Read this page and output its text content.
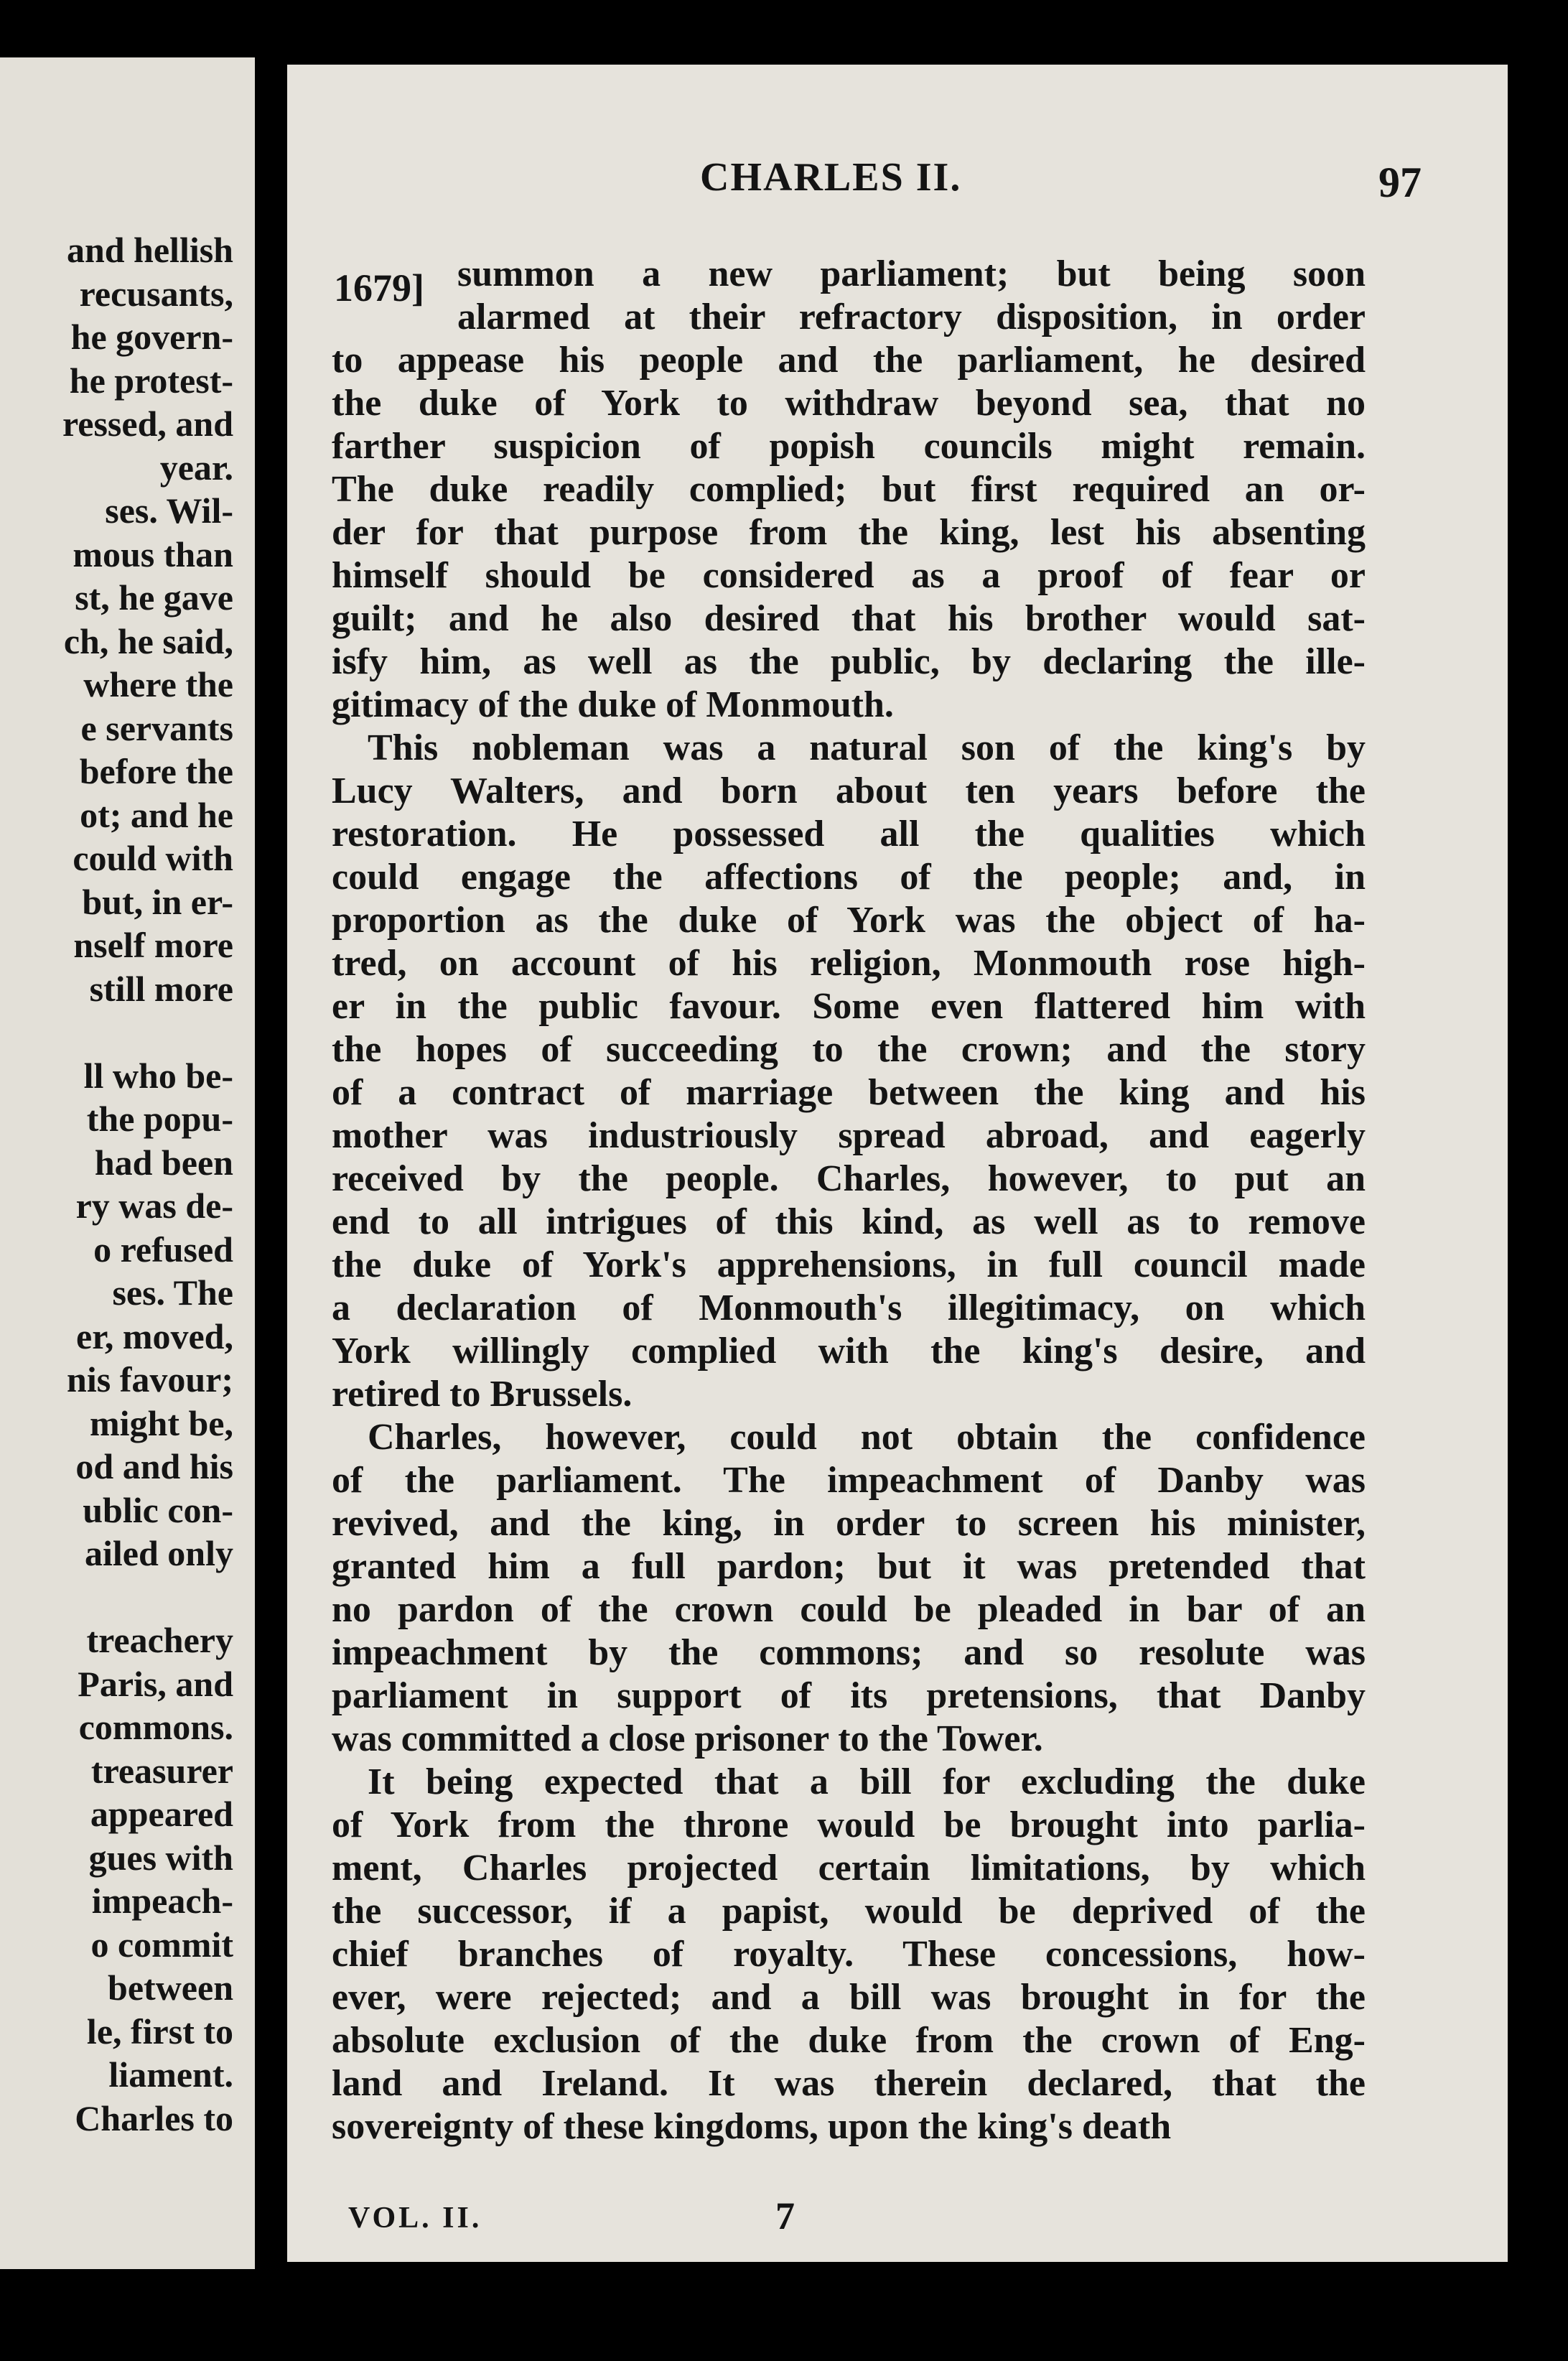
and hellish
recusants,
he govern-
he protest-
ressed, and
year.
ses. Wil-
mous than
st, he gave
ch, he said,
where the
e servants
before the
ot; and he
could with
but, in er-
nself more
still more
ll who be-
the popu-
had been
ry was de-
o refused
ses. The
er, moved,
nis favour;
might be,
od and his
ublic con-
ailed only
treachery
Paris, and
commons.
treasurer
appeared
gues with
impeach-
o commit
between
le, first to
liament.
Charles to
CHARLES II.	97
1679] summon a new parliament; but being soon
alarmed at their refractory disposition, in order
to appease his people and the parliament, he desired
the duke of York to withdraw beyond sea, that no
farther suspicion of popish councils might remain.
The duke readily complied; but first required an or-
der for that purpose from the king, lest his absenting
himself should be considered as a proof of fear or
guilt; and he also desired that his brother would sat-
isfy him, as well as the public, by declaring the ille-
gitimacy of the duke of Monmouth.
This nobleman was a natural son of the king's by
Lucy Walters, and born about ten years before the
restoration. He possessed all the qualities which
could engage the affections of the people; and, in
proportion as the duke of York was the object of ha-
tred, on account of his religion, Monmouth rose high-
er in the public favour. Some even flattered him with
the hopes of succeeding to the crown; and the story
of a contract of marriage between the king and his
mother was industriously spread abroad, and eagerly
received by the people. Charles, however, to put an
end to all intrigues of this kind, as well as to remove
the duke of York's apprehensions, in full council made
a declaration of Monmouth's illegitimacy, on which
York willingly complied with the king's desire, and
retired to Brussels.
Charles, however, could not obtain the confidence
of the parliament. The impeachment of Danby was
revived, and the king, in order to screen his minister,
granted him a full pardon; but it was pretended that
no pardon of the crown could be pleaded in bar of an
impeachment by the commons; and so resolute was
parliament in support of its pretensions, that Danby
was committed a close prisoner to the Tower.
It being expected that a bill for excluding the duke
of York from the throne would be brought into parlia-
ment, Charles projected certain limitations, by which
the successor, if a papist, would be deprived of the
chief branches of royalty. These concessions, how-
ever, were rejected; and a bill was brought in for the
absolute exclusion of the duke from the crown of Eng-
land and Ireland. It was therein declared, that the
sovereignty of these kingdoms, upon the king's death
VOL. II.	7
